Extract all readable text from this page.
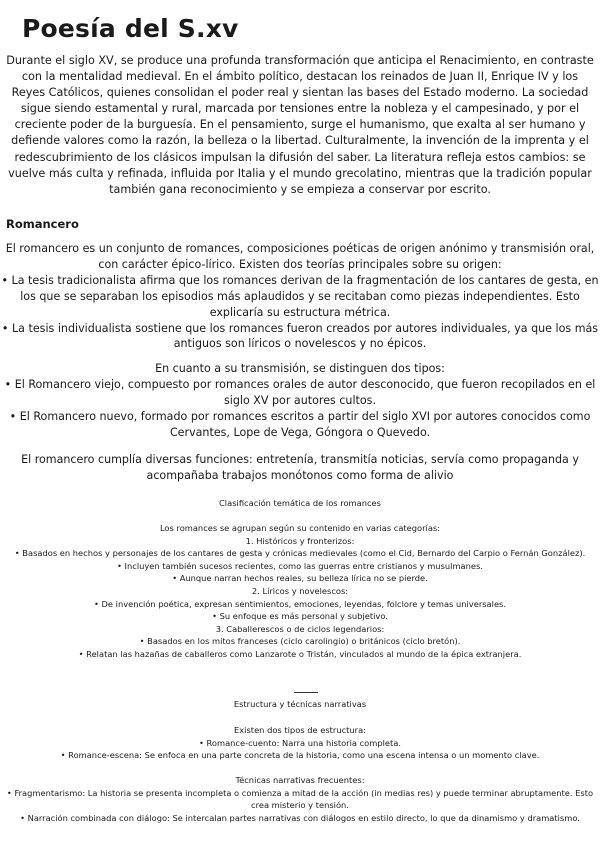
Poesía del S.xv

Durante el siglo XV, se produce una profunda transformación que anticipa el Renacimiento, en contraste con la mentalidad medieval. En el ámbito político, destacan los reinados de Juan II, Enrique IV y los Reyes Católicos, quienes consolidan el poder real y sientan las bases del Estado moderno. La sociedad sigue siendo estamental y rural, marcada por tensiones entre la nobleza y el campesinado, y por el creciente poder de la burguesía. En el pensamiento, surge el humanismo, que exalta al ser humano y defiende valores como la razón, la belleza o la libertad. Culturalmente, la invención de la imprenta y el redescubrimiento de los clásicos impulsan la difusión del saber. La literatura refleja estos cambios: se vuelve más culta y refinada, influida por Italia y el mundo grecolatino, mientras que la tradición popular también gana reconocimiento y se empieza a conservar por escrito.

Romancero
El romancero es un conjunto de romances, composiciones poéticas de origen anónimo y transmisión oral, con carácter épico-lírico. Existen dos teorías principales sobre su origen:
• La tesis tradicionalista afirma que los romances derivan de la fragmentación de los cantares de gesta, en los que se separaban los episodios más aplaudidos y se recitaban como piezas independientes. Esto explicaría su estructura métrica.
• La tesis individualista sostiene que los romances fueron creados por autores individuales, ya que los más antiguos son líricos o novelescos y no épicos.
En cuanto a su transmisión, se distinguen dos tipos:
• El Romancero viejo, compuesto por romances orales de autor desconocido, que fueron recopilados en el siglo XV por autores cultos.
• El Romancero nuevo, formado por romances escritos a partir del siglo XVI por autores conocidos como Cervantes, Lope de Vega, Góngora o Quevedo.
El romancero cumplía diversas funciones: entretenía, transmitía noticias, servía como propaganda y acompañaba trabajos monótonos como forma de alivio
Clasificación temática de los romances
Los romances se agrupan según su contenido en varias categorías:
1. Históricos y fronterizos:
• Basados en hechos y personajes de los cantares de gesta y crónicas medievales (como el Cid, Bernardo del Carpio o Fernán González).
• Incluyen también sucesos recientes, como las guerras entre cristianos y musulmanes.
• Aunque narran hechos reales, su belleza lírica no se pierde.
2. Líricos y novelescos:
• De invención poética, expresan sentimientos, emociones, leyendas, folclore y temas universales.
• Su enfoque es más personal y subjetivo.
3. Caballerescos o de ciclos legendarios:
• Basados en los mitos franceses (ciclo carolingio) o británicos (ciclo bretón).
• Relatan las hazañas de caballeros como Lanzarote o Tristán, vinculados al mundo de la épica extranjera.
Estructura y técnicas narrativas
Existen dos tipos de estructura:
• Romance-cuento: Narra una historia completa.
• Romance-escena: Se enfoca en una parte concreta de la historia, como una escena intensa o un momento clave.
Técnicas narrativas frecuentes:
• Fragmentarismo: La historia se presenta incompleta o comienza a mitad de la acción (in medias res) y puede terminar abruptamente. Esto crea misterio y tensión.
• Narración combinada con diálogo: Se intercalan partes narrativas con diálogos en estilo directo, lo que da dinamismo y dramatismo.
